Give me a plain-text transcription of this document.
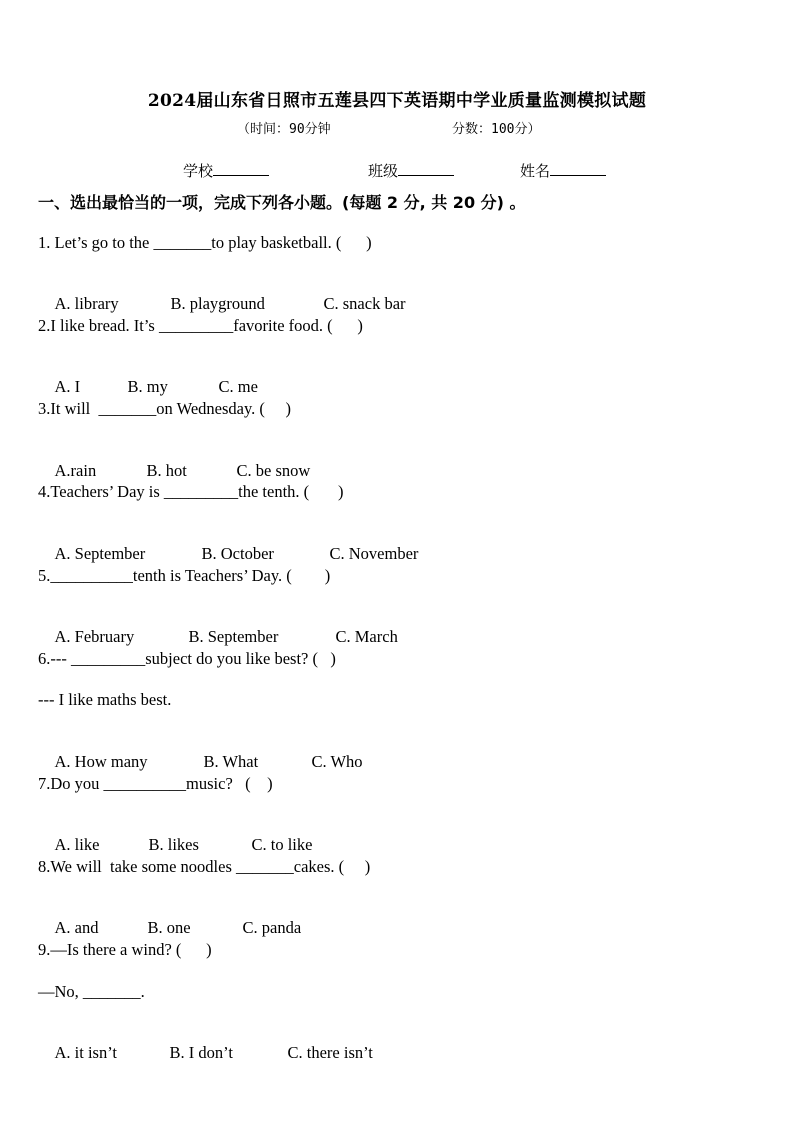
2024届山东省日照市五莲县四下英语期中学业质量监测模拟试题
（时间：90分钟	分数：100分）
学校	班级	姓名
一、选出最恰当的一项，完成下列各小题。(每题 2 分, 共 20 分) 。
1. Let’s go to the _______to play basketball. (      )

A. library	B. playground	C. snack bar

2.I like bread. It’s _________favorite food. (      )

A. I	B. my	C. me

3.It will  _______on Wednesday. (     )

A.rain	B. hot	C. be snow

4.Teachers’ Day is _________the tenth. (       )

A. September	B. October	C. November

5.__________tenth is Teachers’ Day. (        )

A. February	B. September	C. March

6.--- _________subject do you like best? (   )
--- I like maths best.

A. How many	B. What	C. Who

7.Do you __________music?   (    )

A. like	B. likes	C. to like

8.We will  take some noodles _______cakes. (     )

A. and	B. one	C. panda

9.—Is there a wind? (      )
—No, _______.

A. it isn’t	B. I don’t	C. there isn’t
